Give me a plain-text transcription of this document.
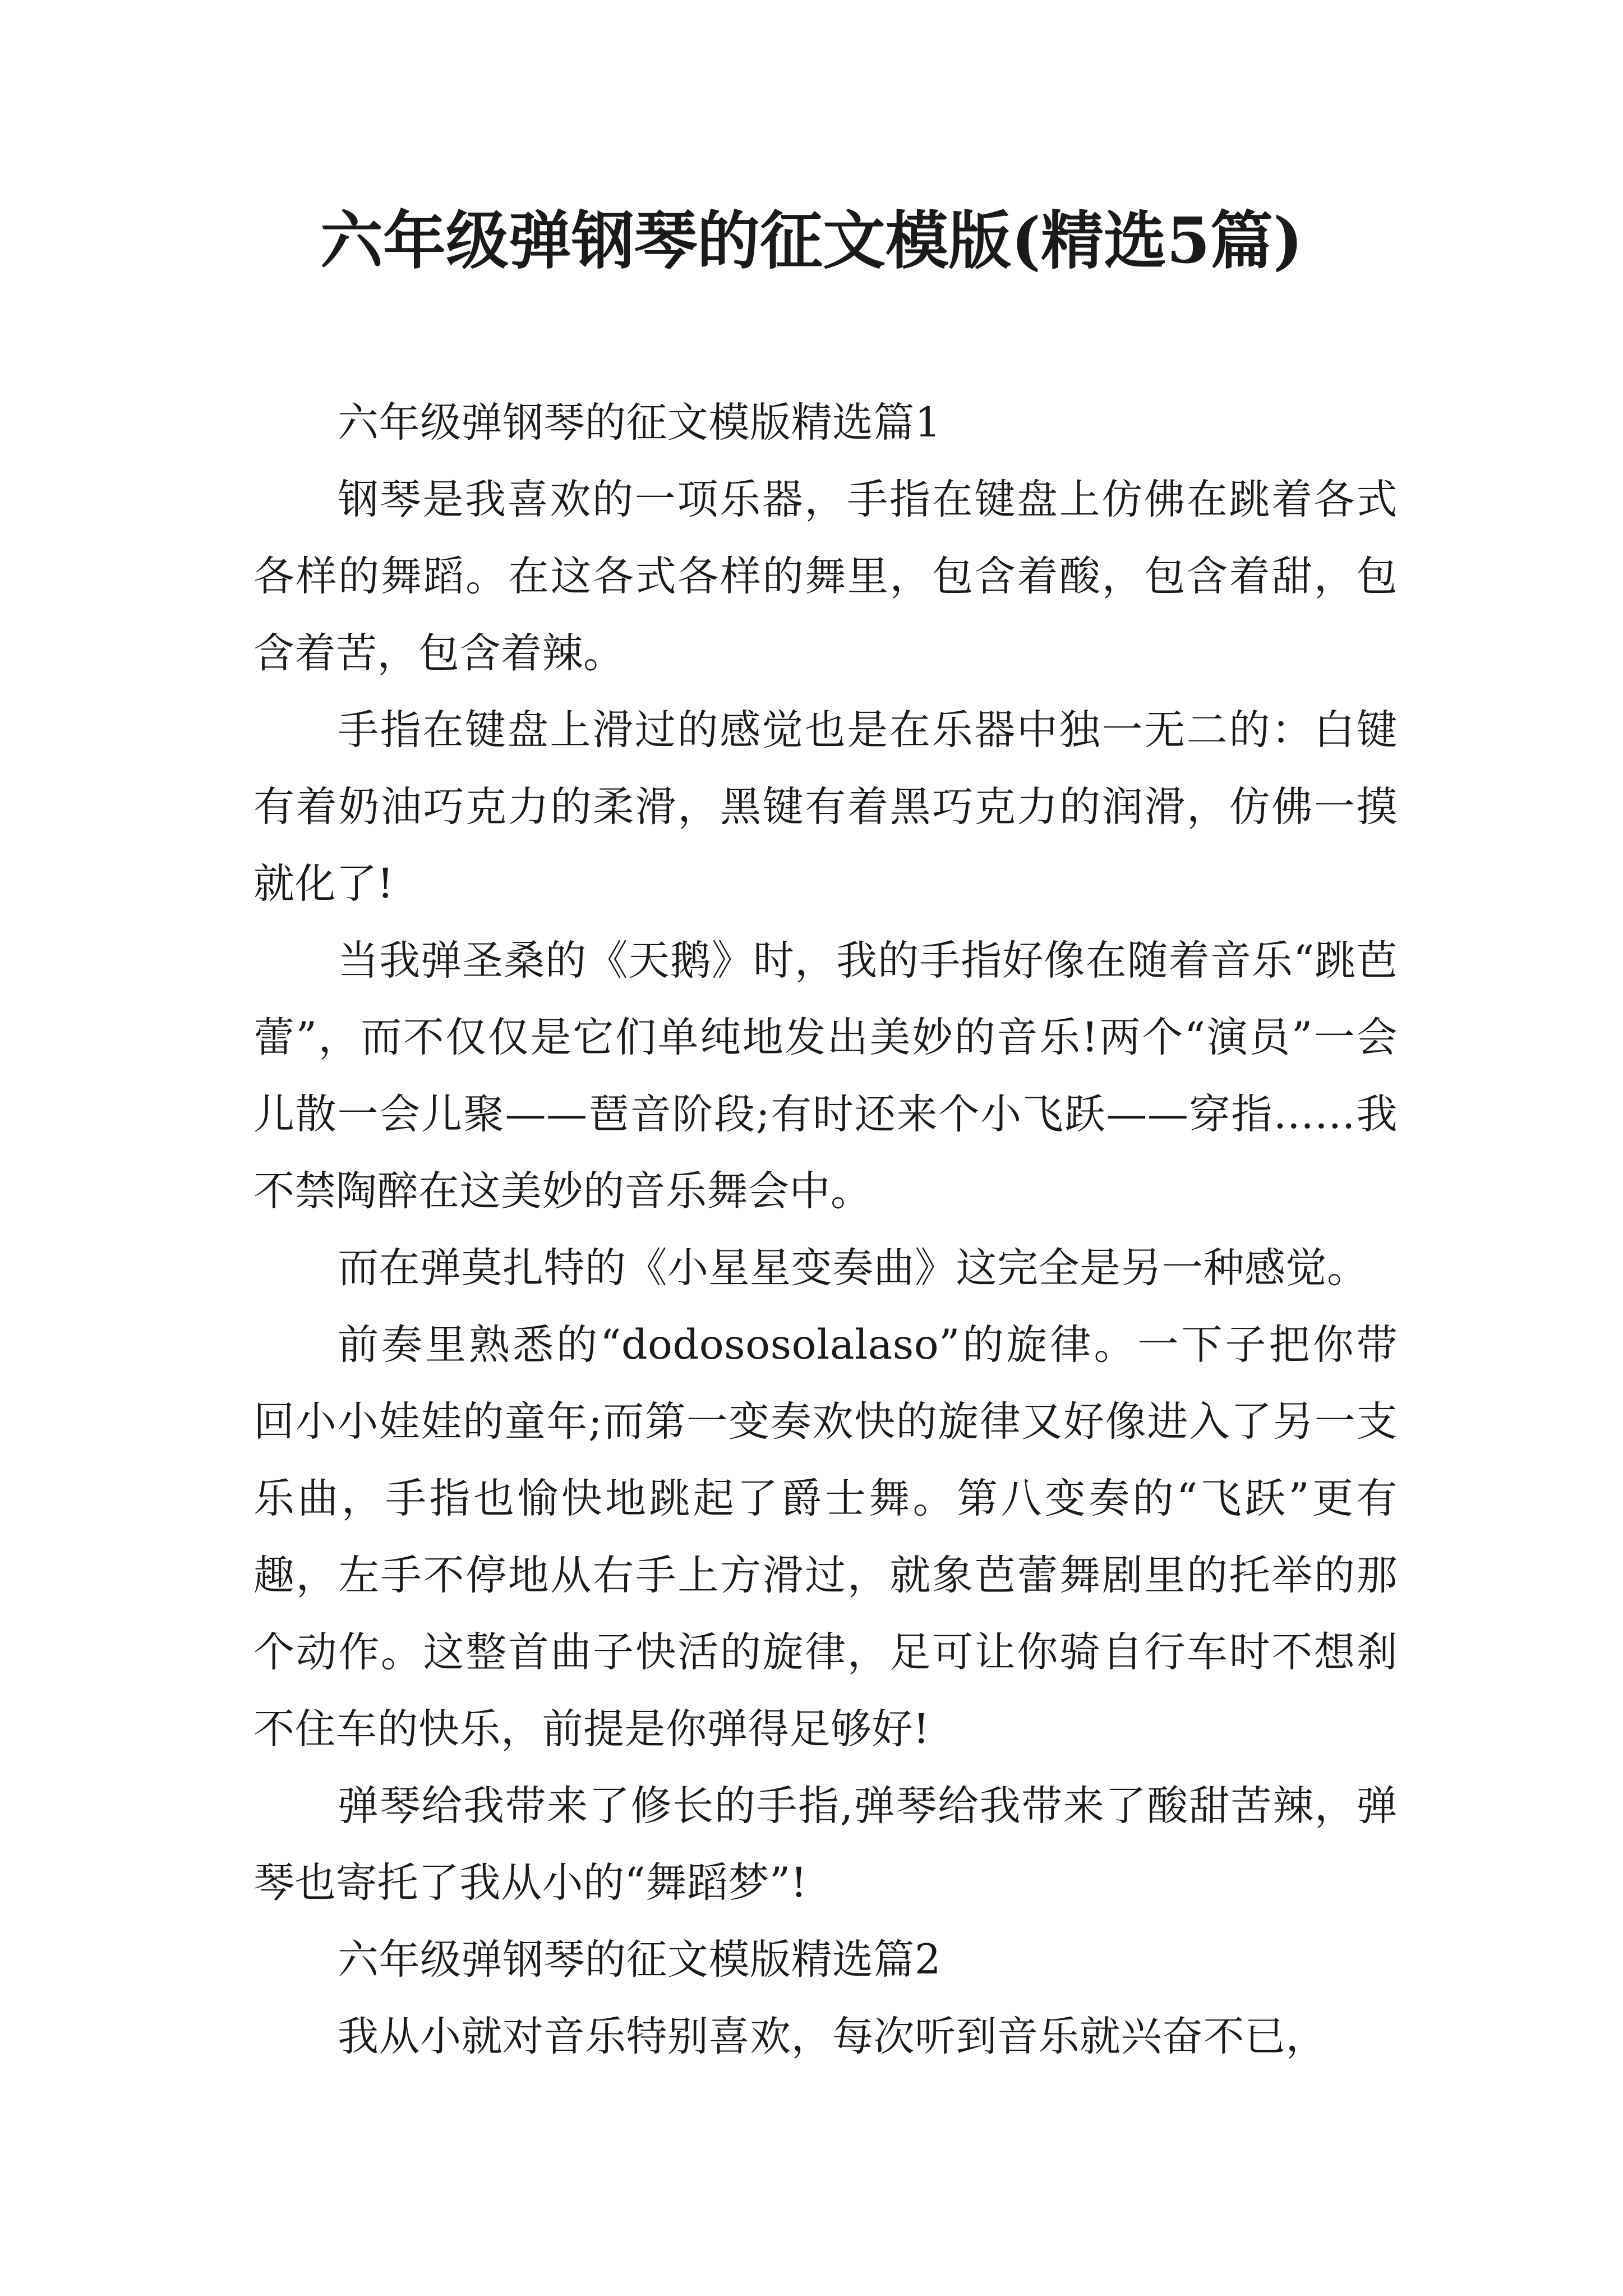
六年级弹钢琴的征文模版(精选5篇)

六年级弹钢琴的征文模版精选篇1

钢琴是我喜欢的一项乐器，手指在键盘上仿佛在跳着各式各样的舞蹈。在这各式各样的舞里，包含着酸，包含着甜，包含着苦，包含着辣。

手指在键盘上滑过的感觉也是在乐器中独一无二的：白键有着奶油巧克力的柔滑，黑键有着黑巧克力的润滑，仿佛一摸就化了!

当我弹圣桑的《天鹅》时，我的手指好像在随着音乐“跳芭蕾”，而不仅仅是它们单纯地发出美妙的音乐!两个“演员”一会儿散一会儿聚——琶音阶段;有时还来个小飞跃——穿指……我不禁陶醉在这美妙的音乐舞会中。

而在弹莫扎特的《小星星变奏曲》这完全是另一种感觉。

前奏里熟悉的“dodososolalaso”的旋律。一下子把你带回小小娃娃的童年;而第一变奏欢快的旋律又好像进入了另一支乐曲，手指也愉快地跳起了爵士舞。第八变奏的“飞跃”更有趣，左手不停地从右手上方滑过，就象芭蕾舞剧里的托举的那个动作。这整首曲子快活的旋律，足可让你骑自行车时不想刹不住车的快乐，前提是你弹得足够好!

弹琴给我带来了修长的手指,弹琴给我带来了酸甜苦辣，弹琴也寄托了我从小的“舞蹈梦”!

六年级弹钢琴的征文模版精选篇2

我从小就对音乐特别喜欢，每次听到音乐就兴奋不已，
